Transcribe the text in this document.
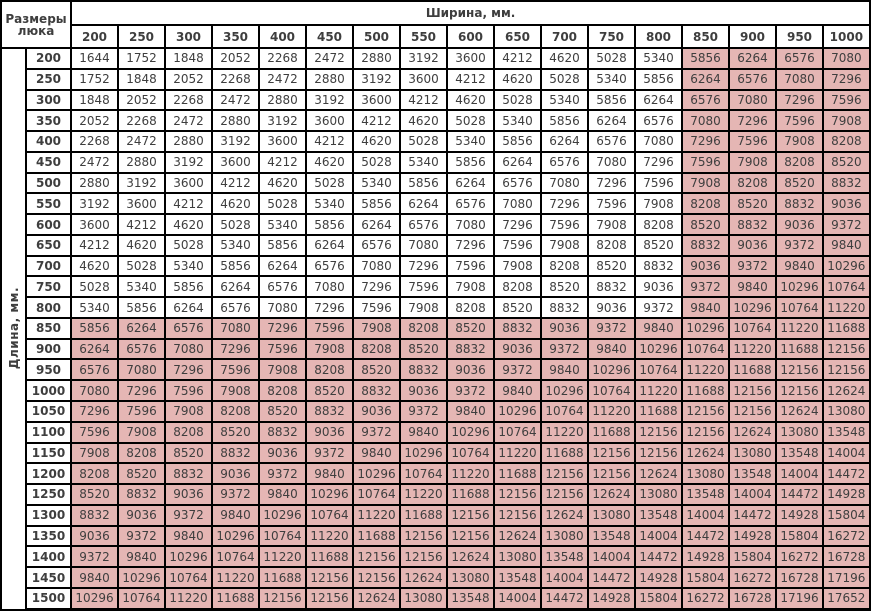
Размеры
люка		Ширина, мм.																
		200	250	300	350	400	450	500	550	600	650	700	750	800	850	900	950	1000
Длина, мм.	200	1644	1752	1848	2052	2268	2472	2880	3192	3600	4212	4620	5028	5340	5856	6264	6576	7080
	250	1752	1848	2052	2268	2472	2880	3192	3600	4212	4620	5028	5340	5856	6264	6576	7080	7296
	300	1848	2052	2268	2472	2880	3192	3600	4212	4620	5028	5340	5856	6264	6576	7080	7296	7596
	350	2052	2268	2472	2880	3192	3600	4212	4620	5028	5340	5856	6264	6576	7080	7296	7596	7908
	400	2268	2472	2880	3192	3600	4212	4620	5028	5340	5856	6264	6576	7080	7296	7596	7908	8208
	450	2472	2880	3192	3600	4212	4620	5028	5340	5856	6264	6576	7080	7296	7596	7908	8208	8520
	500	2880	3192	3600	4212	4620	5028	5340	5856	6264	6576	7080	7296	7596	7908	8208	8520	8832
	550	3192	3600	4212	4620	5028	5340	5856	6264	6576	7080	7296	7596	7908	8208	8520	8832	9036
	600	3600	4212	4620	5028	5340	5856	6264	6576	7080	7296	7596	7908	8208	8520	8832	9036	9372
	650	4212	4620	5028	5340	5856	6264	6576	7080	7296	7596	7908	8208	8520	8832	9036	9372	9840
	700	4620	5028	5340	5856	6264	6576	7080	7296	7596	7908	8208	8520	8832	9036	9372	9840	10296
	750	5028	5340	5856	6264	6576	7080	7296	7596	7908	8208	8520	8832	9036	9372	9840	10296	10764
	800	5340	5856	6264	6576	7080	7296	7596	7908	8208	8520	8832	9036	9372	9840	10296	10764	11220
	850	5856	6264	6576	7080	7296	7596	7908	8208	8520	8832	9036	9372	9840	10296	10764	11220	11688
	900	6264	6576	7080	7296	7596	7908	8208	8520	8832	9036	9372	9840	10296	10764	11220	11688	12156
	950	6576	7080	7296	7596	7908	8208	8520	8832	9036	9372	9840	10296	10764	11220	11688	12156	12156
	1000	7080	7296	7596	7908	8208	8520	8832	9036	9372	9840	10296	10764	11220	11688	12156	12156	12624
	1050	7296	7596	7908	8208	8520	8832	9036	9372	9840	10296	10764	11220	11688	12156	12156	12624	13080
	1100	7596	7908	8208	8520	8832	9036	9372	9840	10296	10764	11220	11688	12156	12156	12624	13080	13548
	1150	7908	8208	8520	8832	9036	9372	9840	10296	10764	11220	11688	12156	12156	12624	13080	13548	14004
	1200	8208	8520	8832	9036	9372	9840	10296	10764	11220	11688	12156	12156	12624	13080	13548	14004	14472
	1250	8520	8832	9036	9372	9840	10296	10764	11220	11688	12156	12156	12624	13080	13548	14004	14472	14928
	1300	8832	9036	9372	9840	10296	10764	11220	11688	12156	12156	12624	13080	13548	14004	14472	14928	15804
	1350	9036	9372	9840	10296	10764	11220	11688	12156	12156	12624	13080	13548	14004	14472	14928	15804	16272
	1400	9372	9840	10296	10764	11220	11688	12156	12156	12624	13080	13548	14004	14472	14928	15804	16272	16728
	1450	9840	10296	10764	11220	11688	12156	12156	12624	13080	13548	14004	14472	14928	15804	16272	16728	17196
	1500	10296	10764	11220	11688	12156	12156	12624	13080	13548	14004	14472	14928	15804	16272	16728	17196	17652
